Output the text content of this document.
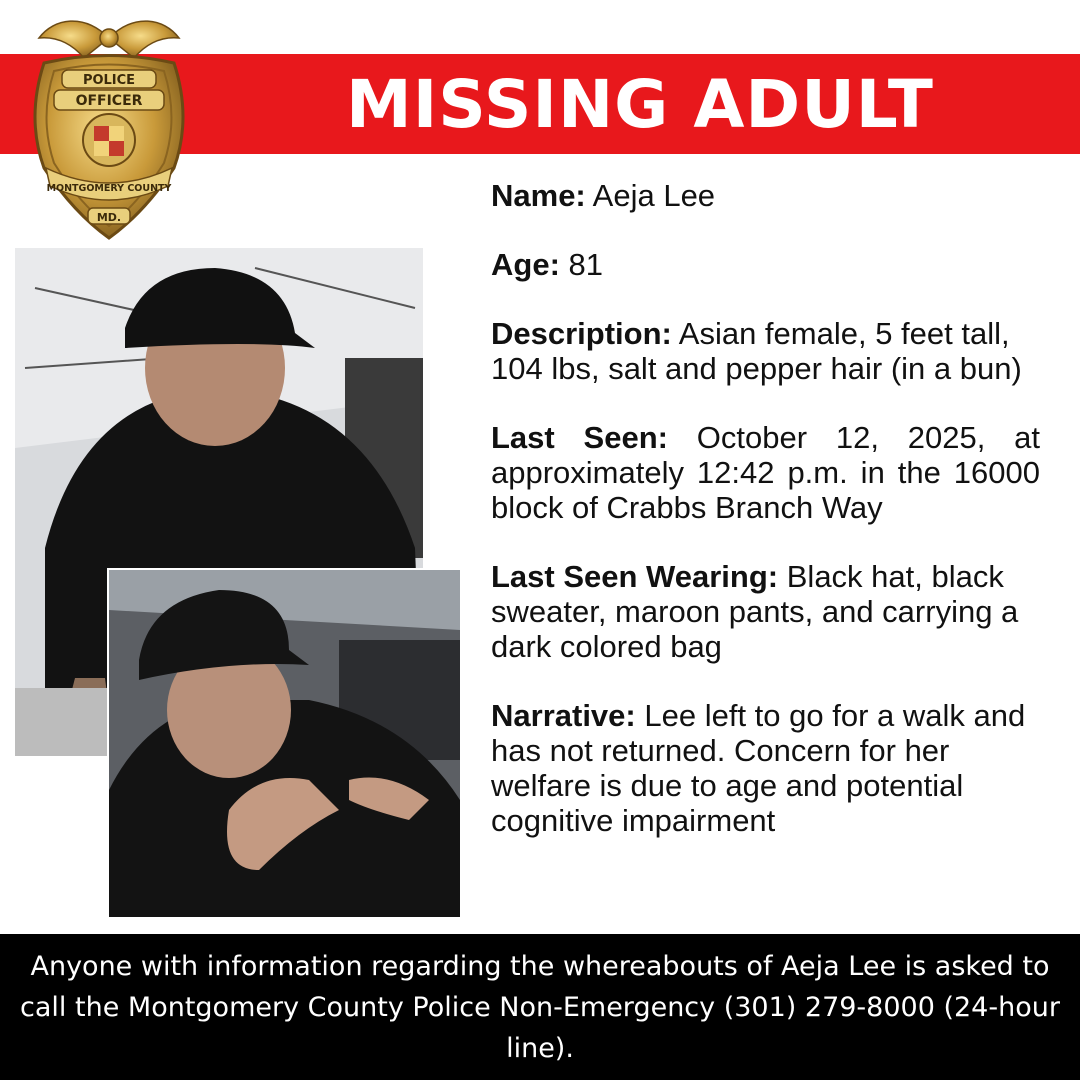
MISSING ADULT
POLICE
OFFICER
MONTGOMERY COUNTY
MD.

Name: Aeja Lee

Age: 81

Description: Asian female, 5 feet tall, 104 lbs, salt and pepper hair (in a bun)

Last Seen: October 12, 2025, at approximately 12:42 p.m. in the 16000 block of Crabbs Branch Way

Last Seen Wearing: Black hat, black sweater, maroon pants, and carrying a dark colored bag

Narrative: Lee left to go for a walk and has not returned. Concern for her welfare is due to age and potential cognitive impairment

Anyone with information regarding the whereabouts of Aeja Lee is asked to call the Montgomery County Police Non-Emergency (301) 279-8000 (24-hour line).
